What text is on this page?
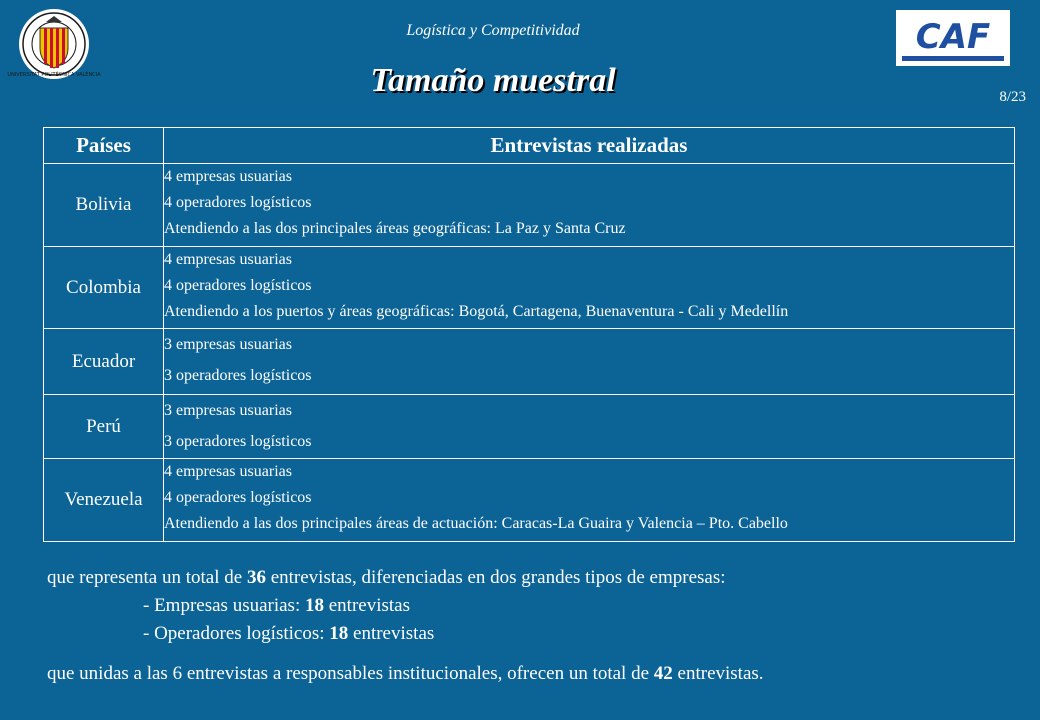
UNIVERSITAT POLITÈCNICA VALÈNCIA
Logística y Competitividad	CAF
Tamaño muestral	8/23
Países	Entrevistas realizadas
Bolivia	4 empresas usuarias
4 operadores logísticos
Atendiendo a las dos principales áreas geográficas: La Paz y Santa Cruz

Colombia	4 empresas usuarias
4 operadores logísticos
Atendiendo a los puertos y áreas geográficas: Bogotá, Cartagena, Buenaventura - Cali y Medellín

Ecuador	3 empresas usuarias
3 operadores logísticos

Perú	3 empresas usuarias
3 operadores logísticos

Venezuela	4 empresas usuarias
4 operadores logísticos
Atendiendo a las dos principales áreas de actuación: Caracas-La Guaira y Valencia – Pto. Cabello

que representa un total de 36 entrevistas, diferenciadas en dos grandes tipos de empresas:

- Empresas usuarias: 18 entrevistas

- Operadores logísticos: 18 entrevistas

que unidas a las 6 entrevistas a responsables institucionales, ofrecen un total de 42 entrevistas.
